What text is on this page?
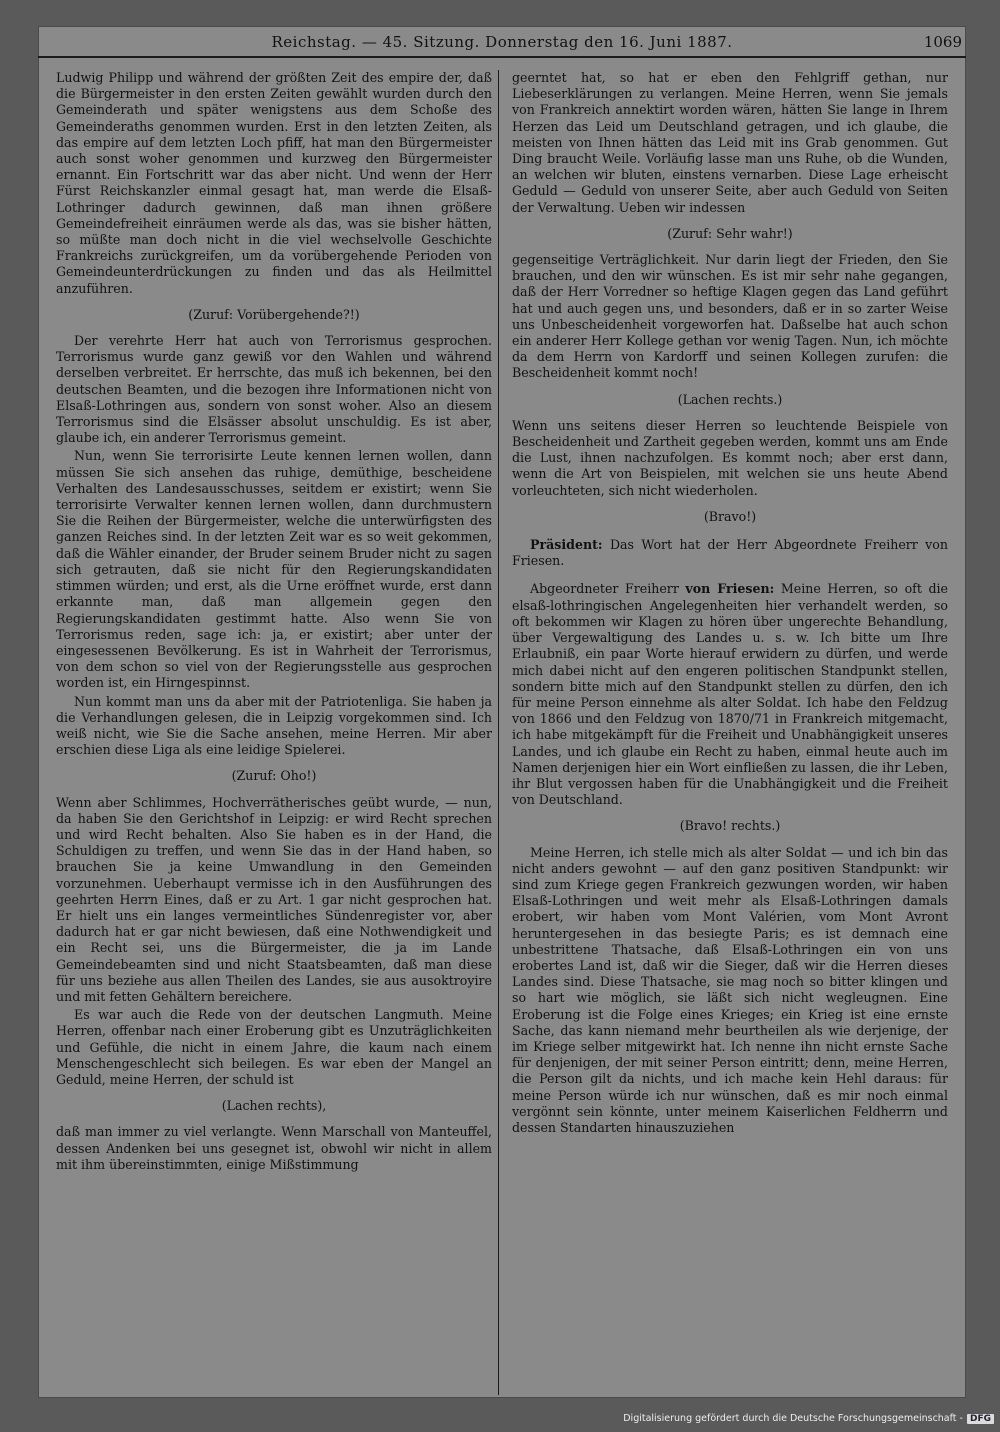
Reichstag. — 45. Sitzung. Donnerstag den 16. Juni 1887.	1069

Ludwig Philipp und während der größten Zeit des empire der, daß die Bürgermeister in den ersten Zeiten gewählt wurden durch den Gemeinderath und später wenigstens aus dem Schoße des Gemeinderaths genommen wurden. Erst in den letzten Zeiten, als das empire auf dem letzten Loch pfiff, hat man den Bürgermeister auch sonst woher genommen und kurzweg den Bürgermeister ernannt. Ein Fortschritt war das aber nicht. Und wenn der Herr Fürst Reichskanzler einmal gesagt hat, man werde die Elsaß-Lothringer dadurch gewinnen, daß man ihnen größere Gemeindefreiheit einräumen werde als das, was sie bisher hätten, so müßte man doch nicht in die viel wechselvolle Geschichte Frankreichs zurückgreifen, um da vorübergehende Perioden von Gemeindeunterdrückungen zu finden und das als Heilmittel anzuführen.

(Zuruf: Vorübergehende?!)

Der verehrte Herr hat auch von Terrorismus gesprochen. Terrorismus wurde ganz gewiß vor den Wahlen und während derselben verbreitet. Er herrschte, das muß ich bekennen, bei den deutschen Beamten, und die bezogen ihre Informationen nicht von Elsaß-Lothringen aus, sondern von sonst woher. Also an diesem Terrorismus sind die Elsässer absolut unschuldig. Es ist aber, glaube ich, ein anderer Terrorismus gemeint.

Nun, wenn Sie terrorisirte Leute kennen lernen wollen, dann müssen Sie sich ansehen das ruhige, demüthige, bescheidene Verhalten des Landesausschusses, seitdem er existirt; wenn Sie terrorisirte Verwalter kennen lernen wollen, dann durchmustern Sie die Reihen der Bürgermeister, welche die unterwürfigsten des ganzen Reiches sind. In der letzten Zeit war es so weit gekommen, daß die Wähler einander, der Bruder seinem Bruder nicht zu sagen sich getrauten, daß sie nicht für den Regierungskandidaten stimmen würden; und erst, als die Urne eröffnet wurde, erst dann erkannte man, daß man allgemein gegen den Regierungskandidaten gestimmt hatte. Also wenn Sie von Terrorismus reden, sage ich: ja, er existirt; aber unter der eingesessenen Bevölkerung. Es ist in Wahrheit der Terrorismus, von dem schon so viel von der Regierungsstelle aus gesprochen worden ist, ein Hirngespinnst.

Nun kommt man uns da aber mit der Patriotenliga. Sie haben ja die Verhandlungen gelesen, die in Leipzig vorgekommen sind. Ich weiß nicht, wie Sie die Sache ansehen, meine Herren. Mir aber erschien diese Liga als eine leidige Spielerei.

(Zuruf: Oho!)

Wenn aber Schlimmes, Hochverrätherisches geübt wurde, — nun, da haben Sie den Gerichtshof in Leipzig: er wird Recht sprechen und wird Recht behalten. Also Sie haben es in der Hand, die Schuldigen zu treffen, und wenn Sie das in der Hand haben, so brauchen Sie ja keine Umwandlung in den Gemeinden vorzunehmen. Ueberhaupt vermisse ich in den Ausführungen des geehrten Herrn Eines, daß er zu Art. 1 gar nicht gesprochen hat. Er hielt uns ein langes vermeintliches Sündenregister vor, aber dadurch hat er gar nicht bewiesen, daß eine Nothwendigkeit und ein Recht sei, uns die Bürgermeister, die ja im Lande Gemeindebeamten sind und nicht Staatsbeamten, daß man diese für uns beziehe aus allen Theilen des Landes, sie aus ausoktroyire und mit fetten Gehältern bereichere.

Es war auch die Rede von der deutschen Langmuth. Meine Herren, offenbar nach einer Eroberung gibt es Unzuträglichkeiten und Gefühle, die nicht in einem Jahre, die kaum nach einem Menschengeschlecht sich beilegen. Es war eben der Mangel an Geduld, meine Herren, der schuld ist

(Lachen rechts),

daß man immer zu viel verlangte. Wenn Marschall von Manteuffel, dessen Andenken bei uns gesegnet ist, obwohl wir nicht in allem mit ihm übereinstimmten, einige Mißstimmung

geerntet hat, so hat er eben den Fehlgriff gethan, nur Liebeserklärungen zu verlangen. Meine Herren, wenn Sie jemals von Frankreich annektirt worden wären, hätten Sie lange in Ihrem Herzen das Leid um Deutschland getragen, und ich glaube, die meisten von Ihnen hätten das Leid mit ins Grab genommen. Gut Ding braucht Weile. Vorläufig lasse man uns Ruhe, ob die Wunden, an welchen wir bluten, einstens vernarben. Diese Lage erheischt Geduld — Geduld von unserer Seite, aber auch Geduld von Seiten der Verwaltung. Ueben wir indessen

(Zuruf: Sehr wahr!)

gegenseitige Verträglichkeit. Nur darin liegt der Frieden, den Sie brauchen, und den wir wünschen. Es ist mir sehr nahe gegangen, daß der Herr Vorredner so heftige Klagen gegen das Land geführt hat und auch gegen uns, und besonders, daß er in so zarter Weise uns Unbescheidenheit vorgeworfen hat. Daßselbe hat auch schon ein anderer Herr Kollege gethan vor wenig Tagen. Nun, ich möchte da dem Herrn von Kardorff und seinen Kollegen zurufen: die Bescheidenheit kommt noch!

(Lachen rechts.)

Wenn uns seitens dieser Herren so leuchtende Beispiele von Bescheidenheit und Zartheit gegeben werden, kommt uns am Ende die Lust, ihnen nachzufolgen. Es kommt noch; aber erst dann, wenn die Art von Beispielen, mit welchen sie uns heute Abend vorleuchteten, sich nicht wiederholen.

(Bravo!)

Präsident: Das Wort hat der Herr Abgeordnete Freiherr von Friesen.

Abgeordneter Freiherr von Friesen: Meine Herren, so oft die elsaß-lothringischen Angelegenheiten hier verhandelt werden, so oft bekommen wir Klagen zu hören über ungerechte Behandlung, über Vergewaltigung des Landes u. s. w. Ich bitte um Ihre Erlaubniß, ein paar Worte hierauf erwidern zu dürfen, und werde mich dabei nicht auf den engeren politischen Standpunkt stellen, sondern bitte mich auf den Standpunkt stellen zu dürfen, den ich für meine Person einnehme als alter Soldat. Ich habe den Feldzug von 1866 und den Feldzug von 1870/71 in Frankreich mitgemacht, ich habe mitgekämpft für die Freiheit und Unabhängigkeit unseres Landes, und ich glaube ein Recht zu haben, einmal heute auch im Namen derjenigen hier ein Wort einfließen zu lassen, die ihr Leben, ihr Blut vergossen haben für die Unabhängigkeit und die Freiheit von Deutschland.

(Bravo! rechts.)

Meine Herren, ich stelle mich als alter Soldat — und ich bin das nicht anders gewohnt — auf den ganz positiven Standpunkt: wir sind zum Kriege gegen Frankreich gezwungen worden, wir haben Elsaß-Lothringen und weit mehr als Elsaß-Lothringen damals erobert, wir haben vom Mont Valérien, vom Mont Avront heruntergesehen in das besiegte Paris; es ist demnach eine unbestrittene Thatsache, daß Elsaß-Lothringen ein von uns erobertes Land ist, daß wir die Sieger, daß wir die Herren dieses Landes sind. Diese Thatsache, sie mag noch so bitter klingen und so hart wie möglich, sie läßt sich nicht wegleugnen. Eine Eroberung ist die Folge eines Krieges; ein Krieg ist eine ernste Sache, das kann niemand mehr beurtheilen als wie derjenige, der im Kriege selber mitgewirkt hat. Ich nenne ihn nicht ernste Sache für denjenigen, der mit seiner Person eintritt; denn, meine Herren, die Person gilt da nichts, und ich mache kein Hehl daraus: für meine Person würde ich nur wünschen, daß es mir noch einmal vergönnt sein könnte, unter meinem Kaiserlichen Feldherrn und dessen Standarten hinauszuziehen

Digitalisierung gefördert durch die Deutsche Forschungsgemeinschaft - DFG
